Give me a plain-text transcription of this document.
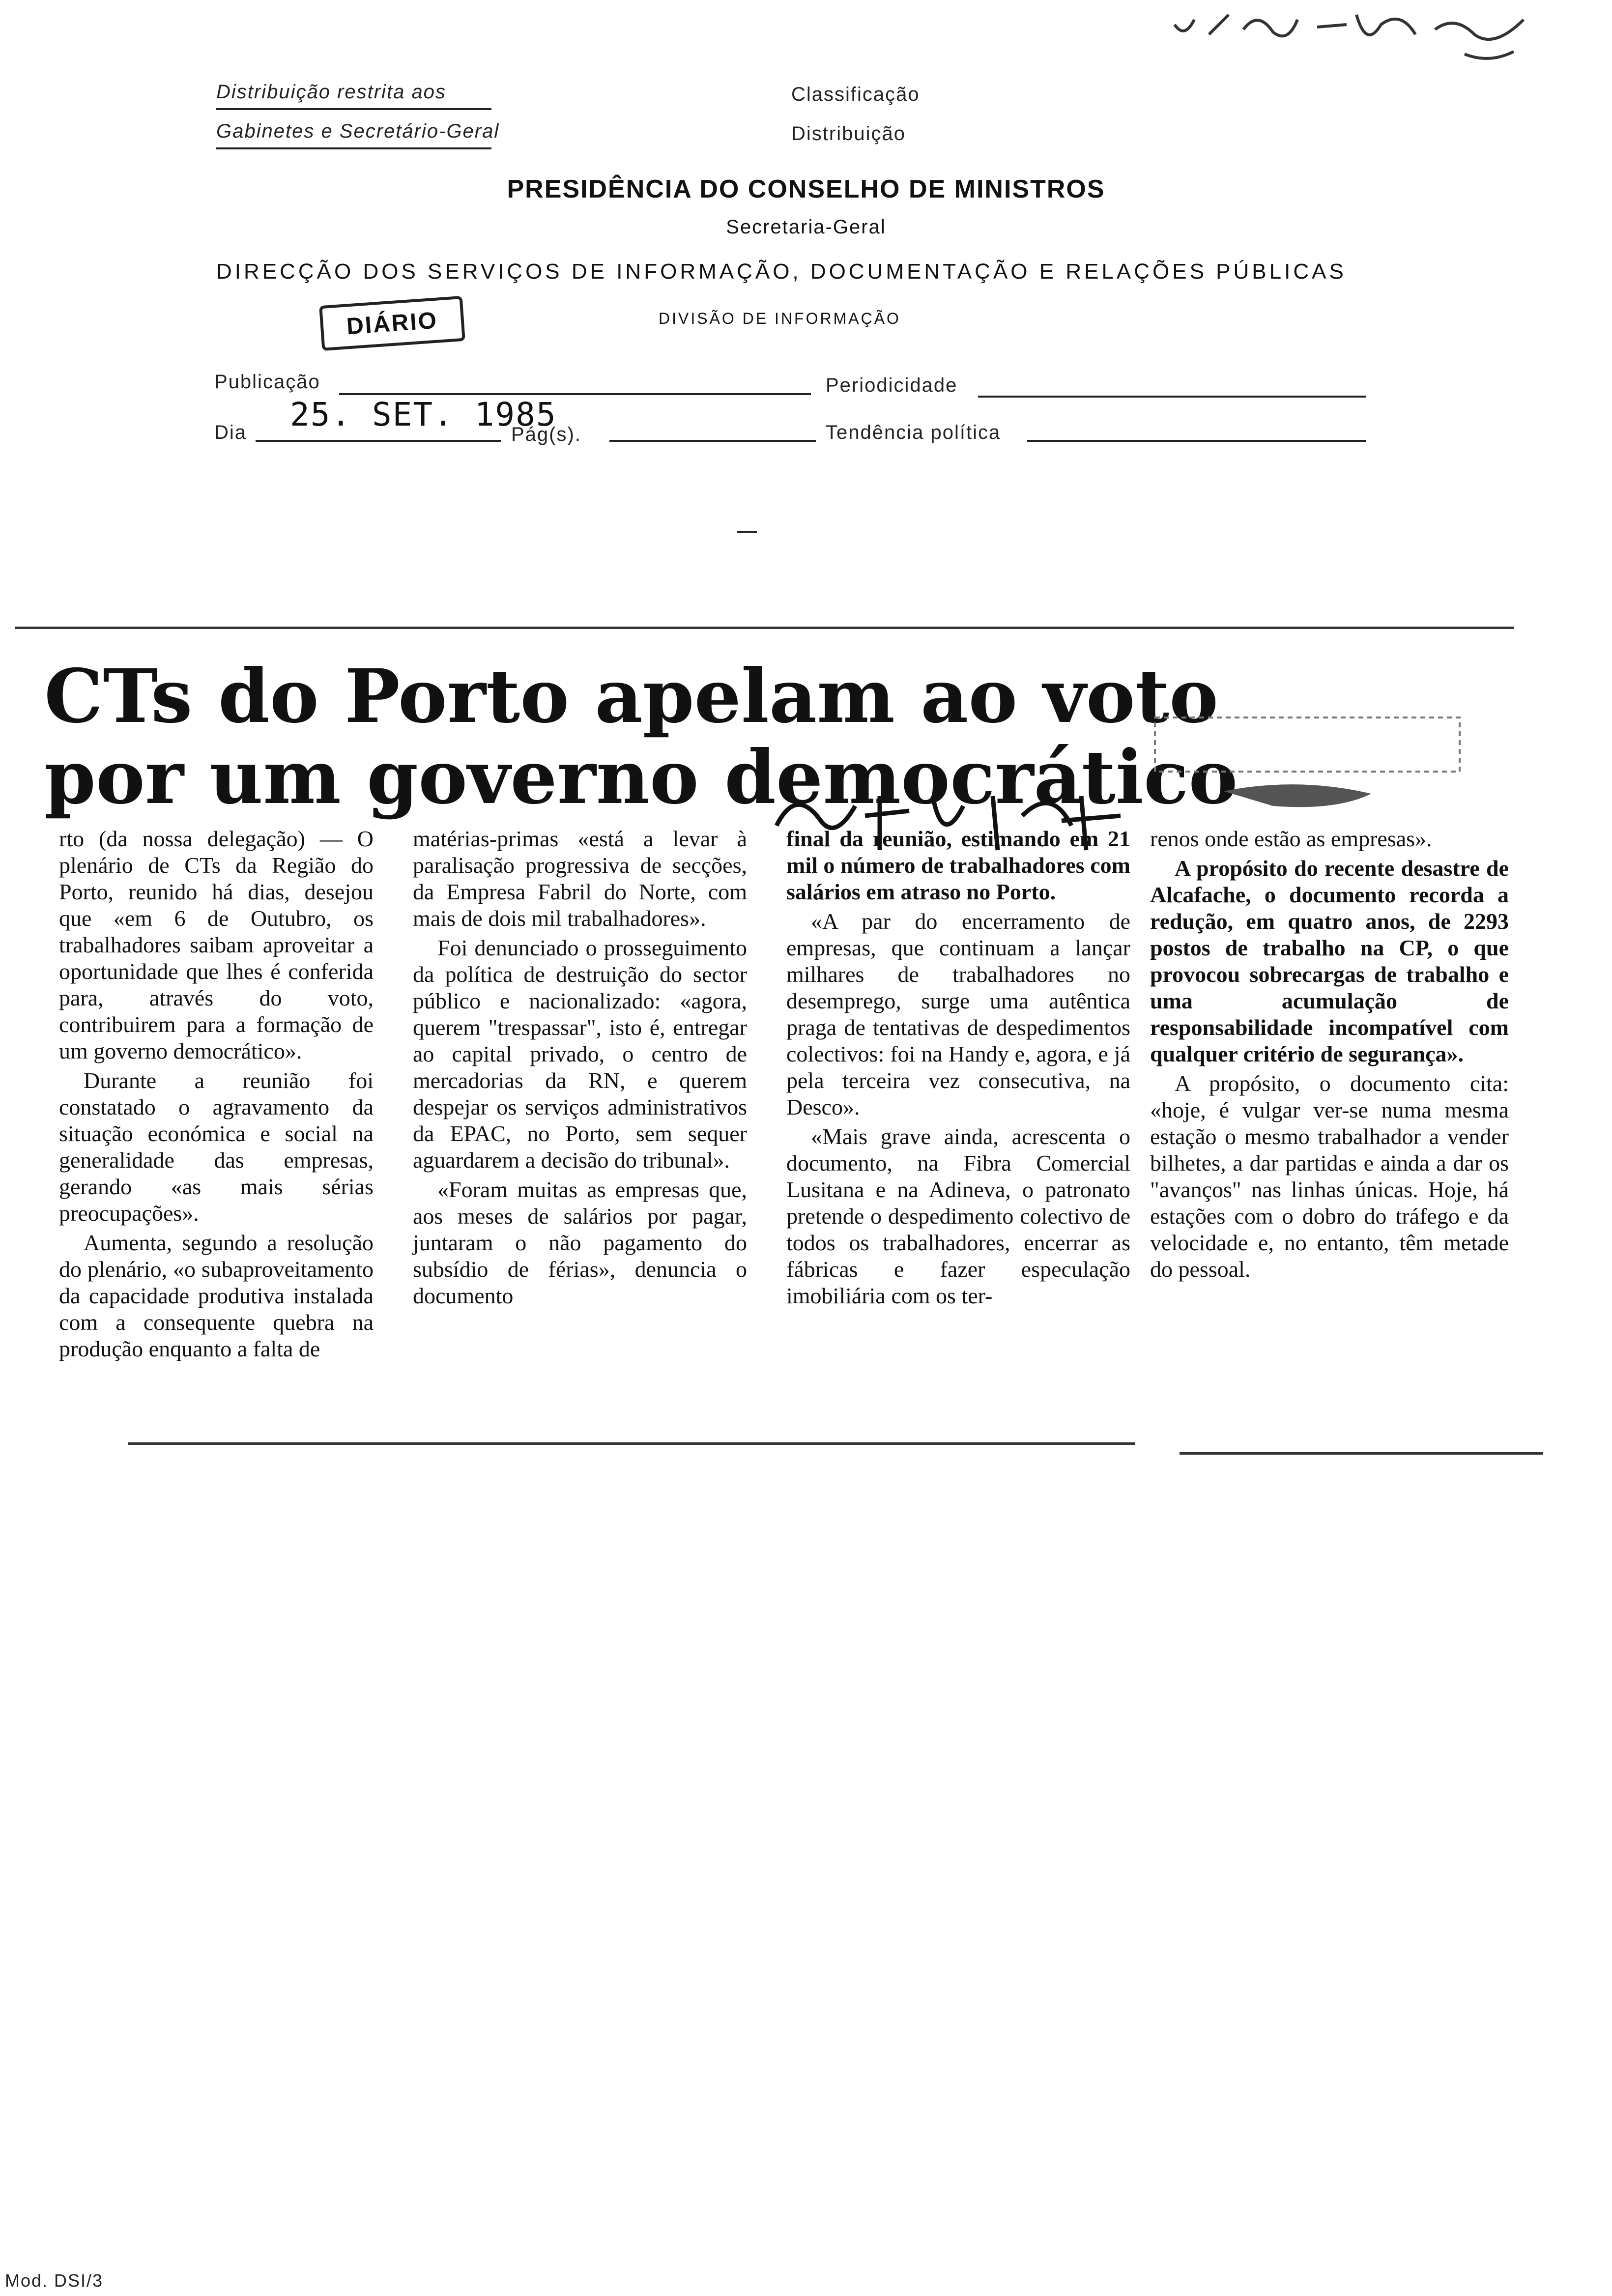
Distribuição restrita aos
Gabinetes e Secretário-Geral
Classificação
Distribuição
PRESIDÊNCIA DO CONSELHO DE MINISTROS
Secretaria-Geral
DIRECÇÃO DOS SERVIÇOS DE INFORMAÇÃO, DOCUMENTAÇÃO E RELAÇÕES PÚBLICAS
DIVISÃO DE INFORMAÇÃO
DIÁRIO
Publicação	Periodicidade
Dia 25. SET. 1985
Pág(s).	Tendência política
CTs do Porto apelam ao voto
por um governo democrático

rto (da nossa delegação) — O plenário de CTs da Região do Porto, reunido há dias, desejou que «em 6 de Outubro, os trabalhadores saibam aproveitar a oportunidade que lhes é conferida para, através do voto, contribuirem para a formação de um governo democrático».

Durante a reunião foi constatado o agravamento da situação económica e social na generalidade das empresas, gerando «as mais sérias preocupações».

Aumenta, segundo a resolução do plenário, «o subaproveitamento da capacidade produtiva instalada com a consequente quebra na produção enquanto a falta de

matérias-primas «está a levar à paralisação progressiva de secções, da Empresa Fabril do Norte, com mais de dois mil trabalhadores».

Foi denunciado o prosseguimento da política de destruição do sector público e nacionalizado: «agora, querem "trespassar", isto é, entregar ao capital privado, o centro de mercadorias da RN, e querem despejar os serviços administrativos da EPAC, no Porto, sem sequer aguardarem a decisão do tribunal».

«Foram muitas as empresas que, aos meses de salários por pagar, juntaram o não pagamento do subsídio de férias», denuncia o documento

final da reunião, estimando em 21 mil o número de trabalhadores com salários em atraso no Porto.

«A par do encerramento de empresas, que continuam a lançar milhares de trabalhadores no desemprego, surge uma autêntica praga de tentativas de despedimentos colectivos: foi na Handy e, agora, e já pela terceira vez consecutiva, na Desco».

«Mais grave ainda, acrescenta o documento, na Fibra Comercial Lusitana e na Adineva, o patronato pretende o despedimento colectivo de todos os trabalhadores, encerrar as fábricas e fazer especulação imobiliária com os ter-

renos onde estão as empresas».

A propósito do recente desastre de Alcafache, o documento recorda a redução, em quatro anos, de 2293 postos de trabalho na CP, o que provocou sobrecargas de trabalho e uma acumulação de responsabilidade incompatível com qualquer critério de segurança».

A propósito, o documento cita: «hoje, é vulgar ver-se numa mesma estação o mesmo trabalhador a vender bilhetes, a dar partidas e ainda a dar os "avanços" nas linhas únicas. Hoje, há estações com o dobro do tráfego e da velocidade e, no entanto, têm metade do pessoal.

Mod. DSI/3
